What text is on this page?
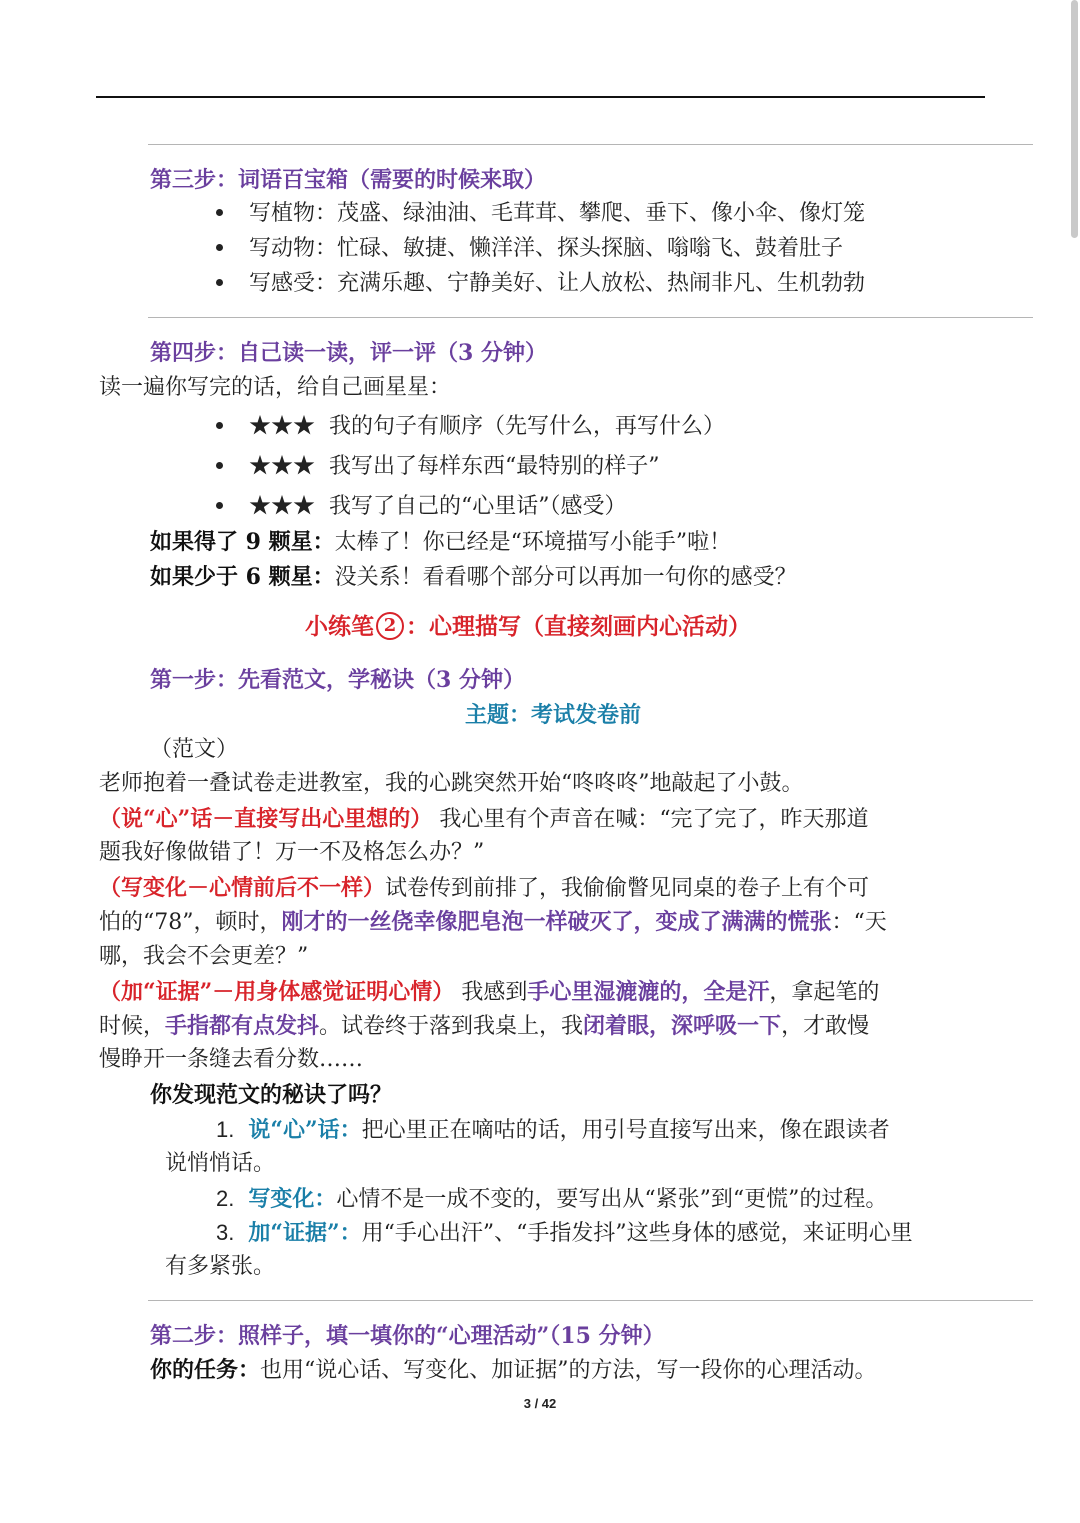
第三步：词语百宝箱（需要的时候来取）
写植物：茂盛、绿油油、毛茸茸、攀爬、垂下、像小伞、像灯笼
写动物：忙碌、敏捷、懒洋洋、探头探脑、嗡嗡飞、鼓着肚子
写感受：充满乐趣、宁静美好、让人放松、热闹非凡、生机勃勃
第四步：自己读一读，评一评（3 分钟）
读一遍你写完的话，给自己画星星：
★★★ 我的句子有顺序（先写什么，再写什么）
★★★ 我写出了每样东西“最特别的样子”
★★★ 我写了自己的“心里话”（感受）
如果得了 9 颗星：太棒了！你已经是“环境描写小能手”啦！
如果少于 6 颗星：没关系！看看哪个部分可以再加一句你的感受？
小练笔 2 ：心理描写（直接刻画内心活动）
第一步：先看范文，学秘诀（3 分钟）
主题：考试发卷前
（范文）
老师抱着一叠试卷走进教室，我的心跳突然开始“咚咚咚”地敲起了小鼓。
（说“心”话－直接写出心里想的） 我心里有个声音在喊：“完了完了，昨天那道
题我好像做错了！万一不及格怎么办？”
（写变化－心情前后不一样）试卷传到前排了，我偷偷瞥见同桌的卷子上有个可
怕的“78”，顿时，刚才的一丝侥幸像肥皂泡一样破灭了，变成了满满的慌张：“天
哪，我会不会更差？”
（加“证据”－用身体感觉证明心情） 我感到手心里湿漉漉的，全是汗，拿起笔的
时候，手指都有点发抖。试卷终于落到我桌上，我闭着眼，深呼吸一下，才敢慢
慢睁开一条缝去看分数……
你发现范文的秘诀了吗？
1. 说“心”话：把心里正在嘀咕的话，用引号直接写出来，像在跟读者
说悄悄话。
2. 写变化：心情不是一成不变的，要写出从“紧张”到“更慌”的过程。
3. 加“证据”：用“手心出汗”、“手指发抖”这些身体的感觉，来证明心里
有多紧张。
第二步：照样子，填一填你的“心理活动”（15 分钟）
你的任务：也用“说心话、写变化、加证据”的方法，写一段你的心理活动。
3 / 42
